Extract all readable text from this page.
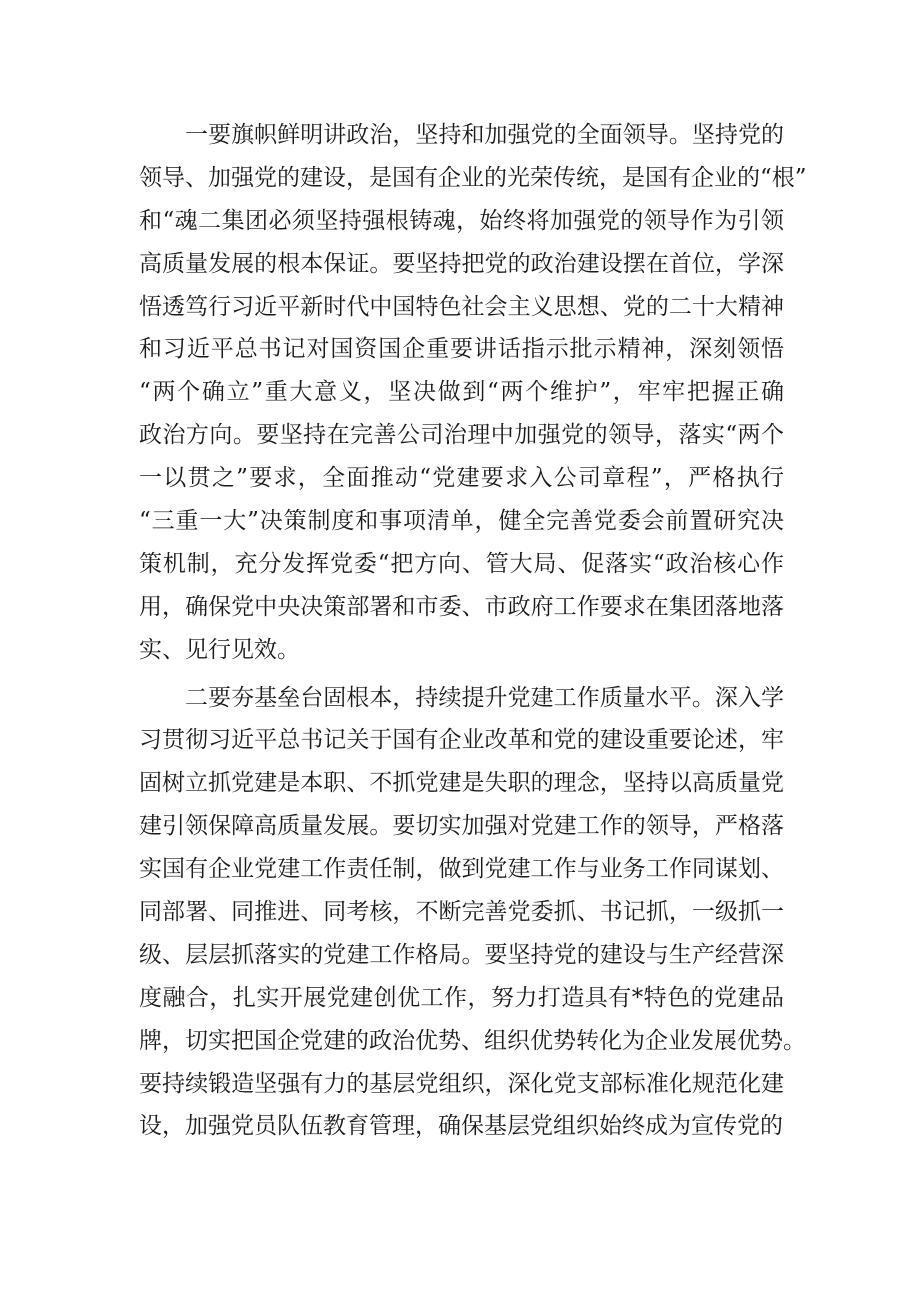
一要旗帜鲜明讲政治，坚持和加强党的全面领导。坚持党的
领导、加强党的建设，是国有企业的光荣传统，是国有企业的“根”
和“魂二集团必须坚持强根铸魂，始终将加强党的领导作为引领
高质量发展的根本保证。要坚持把党的政治建设摆在首位，学深
悟透笃行习近平新时代中国特色社会主义思想、党的二十大精神
和习近平总书记对国资国企重要讲话指示批示精神，深刻领悟
“两个确立”重大意义，坚决做到“两个维护”，牢牢把握正确
政治方向。要坚持在完善公司治理中加强党的领导，落实“两个
一以贯之”要求，全面推动“党建要求入公司章程”，严格执行
“三重一大”决策制度和事项清单，健全完善党委会前置研究决
策机制，充分发挥党委“把方向、管大局、促落实“政治核心作
用，确保党中央决策部署和市委、市政府工作要求在集团落地落
实、见行见效。
二要夯基垒台固根本，持续提升党建工作质量水平。深入学
习贯彻习近平总书记关于国有企业改革和党的建设重要论述，牢
固树立抓党建是本职、不抓党建是失职的理念，坚持以高质量党
建引领保障高质量发展。要切实加强对党建工作的领导，严格落
实国有企业党建工作责任制，做到党建工作与业务工作同谋划、
同部署、同推进、同考核，不断完善党委抓、书记抓，一级抓一
级、层层抓落实的党建工作格局。要坚持党的建设与生产经营深
度融合，扎实开展党建创优工作，努力打造具有*特色的党建品
牌，切实把国企党建的政治优势、组织优势转化为企业发展优势。
要持续锻造坚强有力的基层党组织，深化党支部标准化规范化建
设，加强党员队伍教育管理，确保基层党组织始终成为宣传党的
